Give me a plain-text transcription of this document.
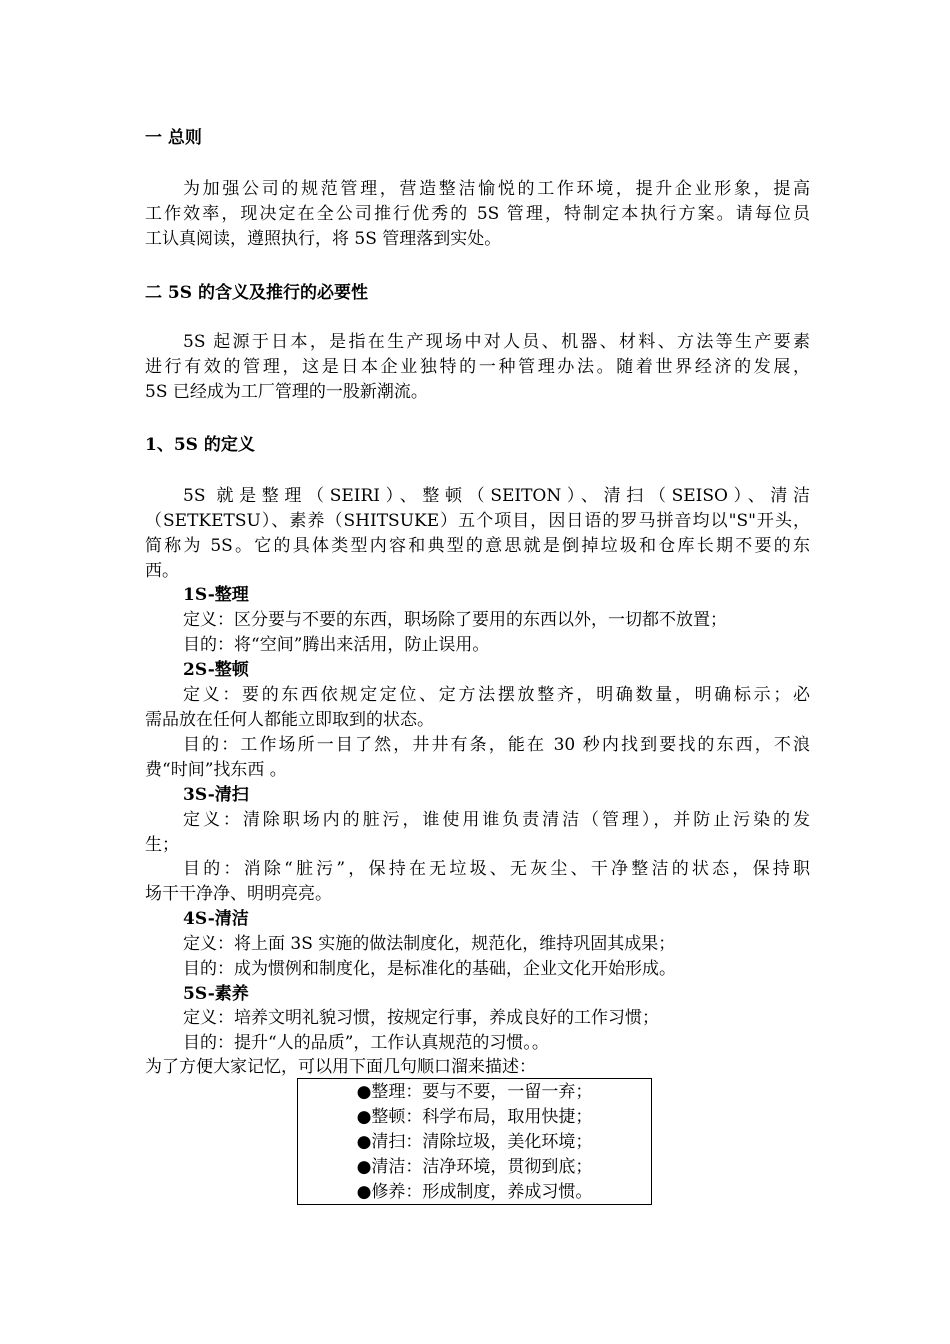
一 总则
为加强公司的规范管理，营造整洁愉悦的工作环境，提升企业形象，提高
工作效率，现决定在全公司推行优秀的 5S 管理，特制定本执行方案。请每位员
工认真阅读，遵照执行，将 5S 管理落到实处。
二 5S 的含义及推行的必要性
5S 起源于日本，是指在生产现场中对人员、机器、材料、方法等生产要素
进行有效的管理，这是日本企业独特的一种管理办法。随着世界经济的发展，
5S 已经成为工厂管理的一股新潮流。
1、5S 的定义
5S 就是整理（SEIRI）、整顿（SEITON）、清扫（SEISO）、清洁
（SETKETSU）、素养（SHITSUKE）五个项目，因日语的罗马拼音均以"S"开头，
简称为 5S。它的具体类型内容和典型的意思就是倒掉垃圾和仓库长期不要的东
西。
1S-整理
定义：区分要与不要的东西，职场除了要用的东西以外，一切都不放置；
目的：将“空间”腾出来活用，防止误用。
2S-整顿
定义：要的东西依规定定位、定方法摆放整齐，明确数量，明确标示；必
需品放在任何人都能立即取到的状态。
目的：工作场所一目了然，井井有条，能在 30 秒内找到要找的东西，不浪
费“时间”找东西 。
3S-清扫
定义：清除职场内的脏污，谁使用谁负责清洁（管理），并防止污染的发
生；
目的：消除“脏污”，保持在无垃圾、无灰尘、干净整洁的状态，保持职
场干干净净、明明亮亮。
4S-清洁
定义：将上面 3S 实施的做法制度化，规范化，维持巩固其成果；
目的：成为惯例和制度化，是标准化的基础，企业文化开始形成。
5S-素养
定义：培养文明礼貌习惯，按规定行事，养成良好的工作习惯；
目的：提升“人的品质”，工作认真规范的习惯。。
为了方便大家记忆，可以用下面几句顺口溜来描述：
●整理：要与不要，一留一弃；
●整顿：科学布局，取用快捷；
●清扫：清除垃圾，美化环境；
●清洁：洁净环境，贯彻到底；
●修养：形成制度，养成习惯。
